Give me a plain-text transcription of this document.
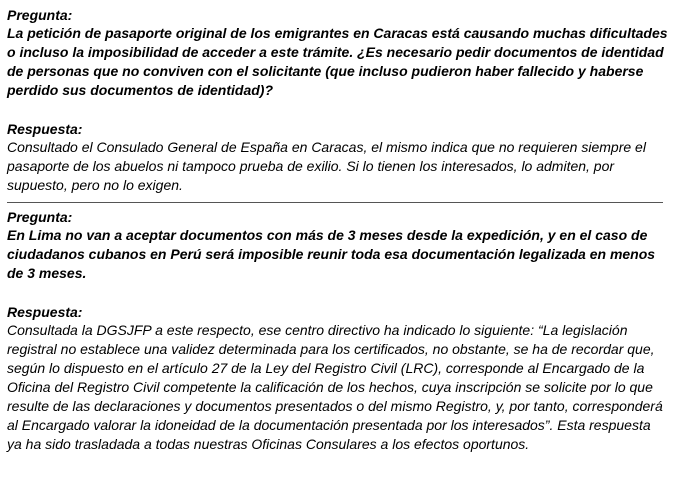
Pregunta:

La petición de pasaporte original de los emigrantes en Caracas está causando muchas dificultades o incluso la imposibilidad de acceder a este trámite. ¿Es necesario pedir documentos de identidad de personas que no conviven con el solicitante (que incluso pudieron haber fallecido y haberse perdido sus documentos de identidad)?

Respuesta:

Consultado el Consulado General de España en Caracas, el mismo indica que no requieren siempre el pasaporte de los abuelos ni tampoco prueba de exilio. Si lo tienen los interesados, lo admiten, por supuesto, pero no lo exigen.

Pregunta:

En Lima no van a aceptar documentos con más de 3 meses desde la expedición, y en el caso de ciudadanos cubanos en Perú será imposible reunir toda esa documentación legalizada en menos de 3 meses.

Respuesta:

Consultada la DGSJFP a este respecto, ese centro directivo ha indicado lo siguiente: “La legislación registral no establece una validez determinada para los certificados, no obstante, se ha de recordar que, según lo dispuesto en el artículo 27 de la Ley del Registro Civil (LRC), corresponde al Encargado de la Oficina del Registro Civil competente la calificación de los hechos, cuya inscripción se solicite por lo que resulte de las declaraciones y documentos presentados o del mismo Registro, y, por tanto, corresponderá al Encargado valorar la idoneidad de la documentación presentada por los interesados”. Esta respuesta ya ha sido trasladada a todas nuestras Oficinas Consulares a los efectos oportunos.
